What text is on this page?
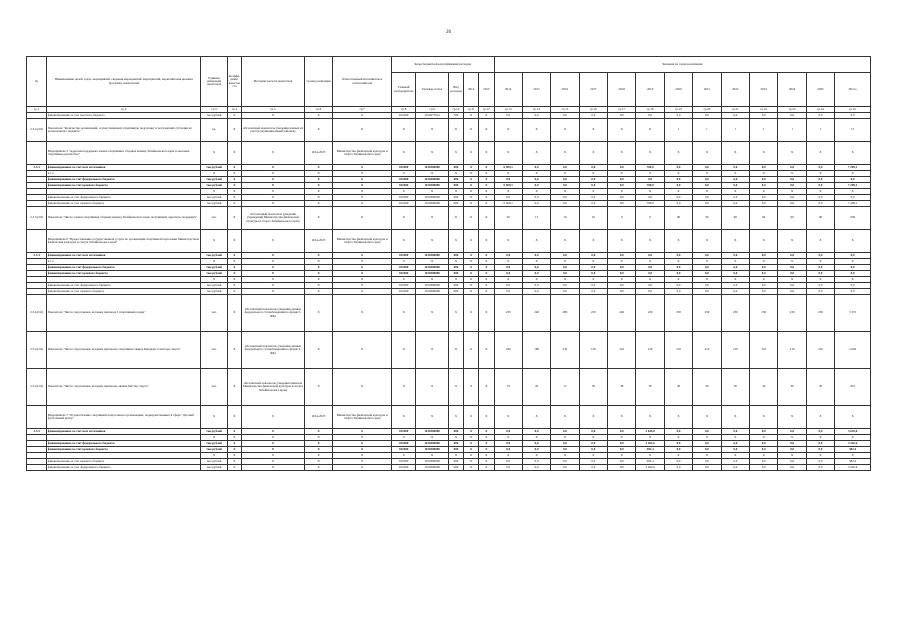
26
№	Наименование целей, задач, мероприятий, сведения мероприятий, мероприятий, маркетинговая целевых программ, показателей	Единица измерения показателя	Коэффи- циент качества ста	Методика расчета показателя	Сроки реализации	Ответственный исполнитель и соисполнители	Коды бюджетной классификации расходов					Значения по годам реализации												
							Главный распорядитель	Целевая статья	Вид расходов	2012	2013	2014	2015	2016	2017	2018	2019	2020	2021	2022	2023	2024	2025	Итого
гр.1	гр.2	гр.3	гр.4	гр.5	гр.6	гр.7	гр.8	гр.9	гр.10	гр.11	гр.12	гр.13	гр.14	гр.15	гр.16	гр.17	гр.18	гр.19	гр.20	гр.21	гр.22	гр.23	гр.24	гр.25
	финансирование за счет местного бюджета	тыс.рублей	X	X	X	X	811000	1010277012	700	X	X	0,0	0,0	0,0	0,0	0,0	0,0	0,0	0,0	0,0	0,0	0,0	0,0	0,0
2.3.2.(3.6)	Показатель "Количество организаций, осуществляющих спортивную подготовку и получающих субсидии из регионального бюджета"	ед.	X	Абсолютный показатель (сведения данных из реестра муниципальный районов)	X	X	X	X	X	X	X	X	X	X	X	X	X	1	1	1	1	1	1	15
	Мероприятие 5 "Адресная поддержка членов спортивных сборных команд Забайкальского края за высокие спортивные результаты"	X	X	X	2014-2025	Министерство физической культуры и спорта Забайкальского края	X	X	X	X	X	X	X	X	X	X	X	X	X	X	X	X	X	X
2.3.3	финансирование за счет всех источников	тыс.рублей	X	X	X	X	811000	1010300000	000	X	X	6 509,1	0,0	0,0	0,0	0,0	700,0	0,0	0,0	0,0	0,0	0,0	0,0	7 209,1
	в т.ч.	X	X	X	X	X	X	X	X	X	X	X	X	X	X	X	X	X	X	X	X	X	X	X
	финансирование за счет федерального бюджета	тыс.рублей	X	X	X	X	811000	1010300000	000	X	X	0,0	0,0	0,0	0,0	0,0	0,0	0,0	0,0	0,0	0,0	0,0	0,0	0,0
	финансирование за счет краевого бюджета	тыс.рублей	X	X	X	X	811000	1010300000	000	X	X	6 509,1	0,0	0,0	0,0	0,0	700,0	0,0	0,0	0,0	0,0	0,0	0,0	7 209,1
		X	X	X	X	X	X	X	X	X	X	X	X	X	X	X	X	X	X	X	X	X	X	X
	финансирование за счет федерального бюджета	тыс.рублей	X	X	X	X	811000	1010300000	000	X	X	0,0	0,0	0,0	0,0	0,0	0,0	0,0	0,0	0,0	0,0	0,0	0,0	0,0
	финансирование за счет краевого бюджета	тыс.рублей	X	X	X	X	811000	1010300000	000	X	X	6 509,1	0,0	0,0	0,0	0,0	700,0	0,0	0,0	0,0	0,0	0,0	0,0	7 209,1
2.3.3.(3.6)	Показатель "Число членов спортивных сборных команд Забайкальского края, получивших адресную поддержку"	чел.	X	Абсолютный показатель (сведения учреждений Министерства физической культуры и спорта Забайкальского края)	X	X	X	X	X	X	X	50	15	19	25	0	0	90	90	90	90	90	90	639
	Мероприятие 6 "Предоставление государственной услуги по организации спортивной подготовки Министерством физической культуры и спорта Забайкальского края"	X	X	X	2014-2025	Министерство физической культуры и спорта Забайкальского края	X	X	X	X	X	X	X	X	X	X	X	X	X	X	X	X	X	X
2.3.4	финансирование за счет всех источников	тыс.рублей	X	X	X	X	811000	1010300000	000	X	X	0,0	0,0	0,0	0,0	0,0	0,0	0,0	0,0	0,0	0,0	0,0	0,0	0,0
	в т.ч.	X	X	X	X	X	X	X	X	X	X	X	X	X	X	X	X	X	X	X	X	X	X	X
	финансирование за счет федерального бюджета	тыс.рублей	X	X	X	X	811000	1010300000	000	X	X	0,0	0,0	0,0	0,0	0,0	0,0	0,0	0,0	0,0	0,0	0,0	0,0	0,0
	финансирование за счет краевого бюджета	тыс.рублей	X	X	X	X	811000	1010300000	000	X	X	0,0	0,0	0,0	0,0	0,0	0,0	0,0	0,0	0,0	0,0	0,0	0,0	0,0
		X	X	X	X	X	X	X	X	X	X	X	X	X	X	X	X	X	X	X	X	X	X	X
	финансирование за счет федерального бюджета	тыс.рублей	X	X	X	X	811000	1010300000	000	X	X	0,0	0,0	0,0	0,0	0,0	0,0	0,0	0,0	0,0	0,0	0,0	0,0	0,0
	финансирование за счет краевого бюджета	тыс.рублей	X	X	X	X	811000	1010300000	000	X	X	0,0	0,0	0,0	0,0	0,0	0,0	0,0	0,0	0,0	0,0	0,0	0,0	0,0
2.3.4.(3.6)	Показатель "Число спортсменов, которым присвоен I спортивный разряд"	чел.	X	Абсолютный показатель (сведения данных федерального статнаблюдения по форме 5-ФК)	X	X	X	X	X	X	X	230	240	480	230	402	230	230	230	230	230	230	230	3 372
2.3.4.(3.6)	Показатель "Число спортсменов, которым присвоено спортивное звание Кандидат в мастера спорта"	чел.	X	Абсолютный показатель (сведения данных федерального статнаблюдения по форме 5-ФК)	X	X	X	X	X	X	X	180	180	232	150	210	210	210	210	210	210	210	210	2 602
2.3.4.(3.6)	Показатель "Число спортсменов, которым присвоено звание Мастер спорта"	чел.	X	Абсолютный показатель (сведения приказов Министерства физической культуры и спорта Забайкальского края)	X	X	X	X	X	X	X	79	45	17	36	38	30	30	30	30	30	30	30	419
	Мероприятие 7 "Осуществление спортивной подготовки в организациях, подведомственных в сфере "Детский футбольный центр"	X	X	X	2014-2025	Министерство физической культуры и спорта Забайкальского края	X	X	X	X	X	X	X	X	X	X	X	X	X	X	X	X	X	X
2.3.5	финансирование за счет всех источников	тыс.рублей	X	X	X	X	811000	1010300000	000	X	X	0,0	0,0	0,0	0,0	0,0	3 645,0	0,0	0,0	0,0	0,0	0,0	0,0	3 645,0
		X	X	X	X	X	X	X	X	X	X	X	X	X	X	X	X	X	X	X	X	X	X	X
	финансирование за счет федерального бюджета	тыс.рублей	X	X	X	X	811000	1010300000	000	X	X	0,0	0,0	0,0	0,0	0,0	3 262,6	0,0	0,0	0,0	0,0	0,0	0,0	3 262,6
	финансирование за счет краевого бюджета	тыс.рублей	X	X	X	X	811000	1010300000	000	X	X	0,0	0,0	0,0	0,0	0,0	382,4	0,0	0,0	0,0	0,0	0,0	0,0	382,4
		X	X	X	X	X	X	X	X	X	X	X	X	X	X	X	X	X	X	X	X	X	X	X
	финансирование за счет краевого бюджета	тыс.рублей	X	X	X	X	811000	1010300000	000	X	X	0,0	0,0	0,0	0,0	0,0	382,4	0,0	0,0	0,0	0,0	0,0	0,0	382,4
	финансирование за счет федерального бюджета	тыс.рублей	X	X	X	X	811000	1010300000	000	X	X	0,0	0,0	0,0	0,0	0,0	3 262,6	0,0	0,0	0,0	0,0	0,0	0,0	3 262,6
